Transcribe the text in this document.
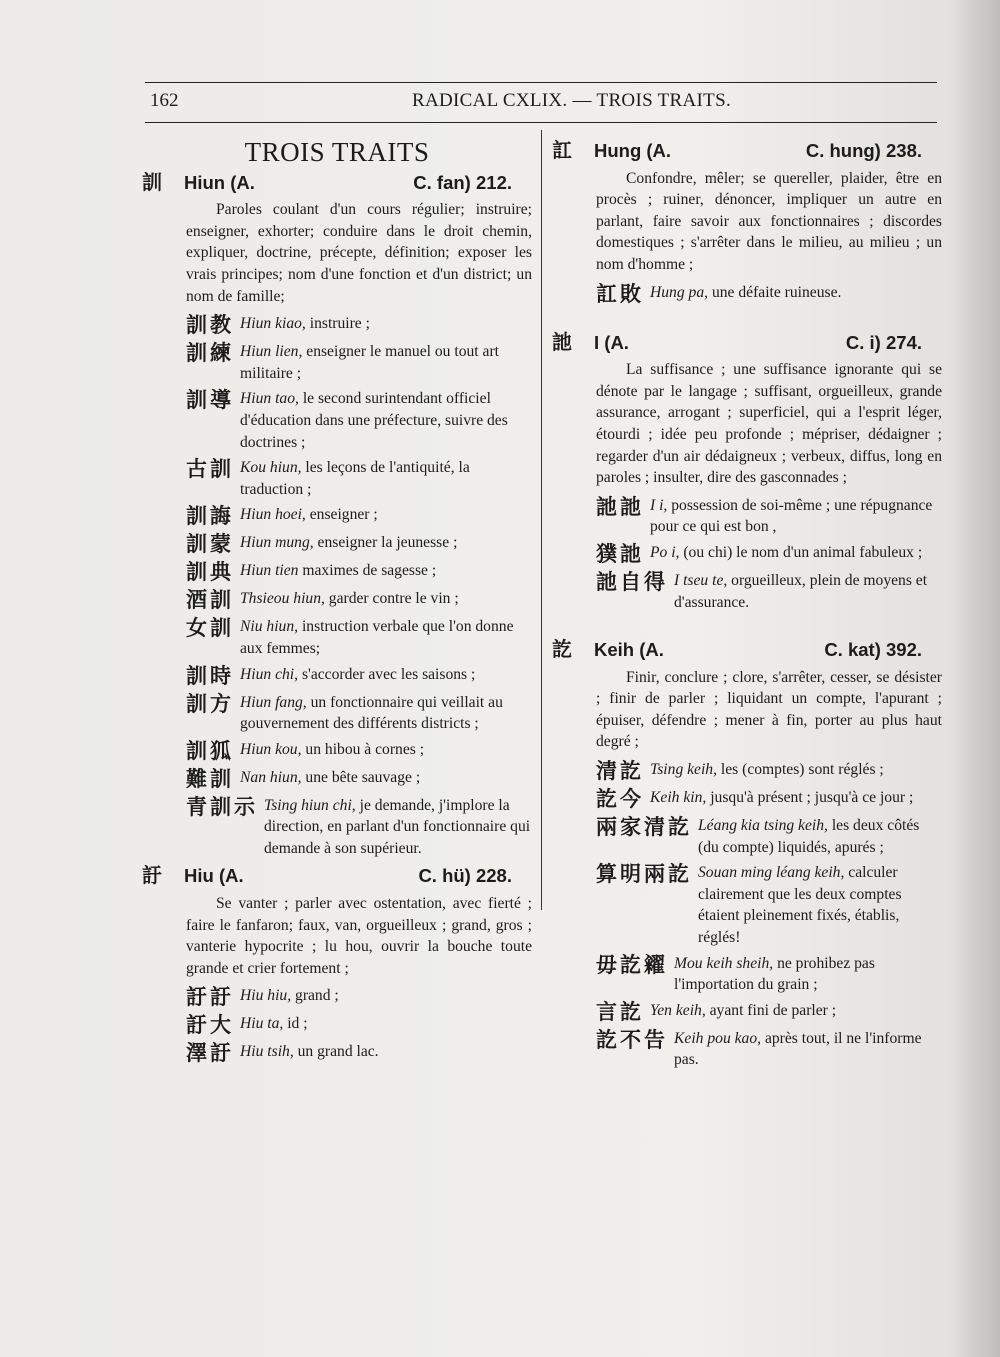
162	RADICAL CXLIX. — TROIS TRAITS.
TROIS TRAITS
訓	Hiun (A.	C. fan) 212.
Paroles coulant d'un cours régulier; instruire; enseigner, exhorter; conduire dans le droit chemin, expliquer, doctrine, précepte, définition; exposer les vrais principes; nom d'une fonction et d'un district; un nom de famille;
訓教 Hiun kiao, instruire ;
訓練 Hiun lien, enseigner le manuel ou tout art militaire ;
訓導 Hiun tao, le second surintendant officiel d'éducation dans une préfecture, suivre des doctrines ;
古訓 Kou hiun, les leçons de l'antiquité, la traduction ;
訓誨 Hiun hoei, enseigner ;
訓蒙 Hiun mung, enseigner la jeunesse ;
訓典 Hiun tien maximes de sagesse ;
酒訓 Thsieou hiun, garder contre le vin ;
女訓 Niu hiun, instruction verbale que l'on donne aux femmes;
訓時 Hiun chi, s'accorder avec les saisons ;
訓方 Hiun fang, un fonctionnaire qui veillait au gouvernement des différents districts ;
訓狐 Hiun kou, un hibou à cornes ;
難訓 Nan hiun, une bête sauvage ;
青訓示 Tsing hiun chi, je demande, j'implore la direction, en parlant d'un fonctionnaire qui demande à son supérieur.
訏	Hiu (A.	C. hü) 228.
Se vanter ; parler avec ostentation, avec fierté ; faire le fanfaron; faux, van, orgueilleux ; grand, gros ; vanterie hypocrite ; lu hou, ouvrir la bouche toute grande et crier fortement ;
訏訏 Hiu hiu, grand ;
訏大 Hiu ta, id ;
澤訏 Hiu tsih, un grand lac.
訌	Hung (A.	C. hung) 238.
Confondre, mêler; se quereller, plaider, être en procès ; ruiner, dénoncer, impliquer un autre en parlant, faire savoir aux fonctionnaires ; discordes domestiques ; s'arrêter dans le milieu, au milieu ; un nom d'homme ;
訌敗 Hung pa, une défaite ruineuse.
訑	I (A.	C. i) 274.
La suffisance ; une suffisance ignorante qui se dénote par le langage ; suffisant, orgueilleux, grande assurance, arrogant ; superficiel, qui a l'esprit léger, étourdi ; idée peu profonde ; mépriser, dédaigner ; regarder d'un air dédaigneux ; verbeux, diffus, long en paroles ; insulter, dire des gasconnades ;
訑訑 I i, possession de soi-même ; une répugnance pour ce qui est bon ,
獛訑 Po i, (ou chi) le nom d'un animal fabuleux ;
訑自得 I tseu te, orgueilleux, plein de moyens et d'assurance.
訖	Keih (A.	C. kat) 392.
Finir, conclure ; clore, s'arrêter, cesser, se désister ; finir de parler ; liquidant un compte, l'apurant ; épuiser, défendre ; mener à fin, porter au plus haut degré ;
清訖 Tsing keih, les (comptes) sont réglés ;
訖今 Keih kin, jusqu'à présent ; jusqu'à ce jour ;
兩家清訖 Léang kia tsing keih, les deux côtés (du compte) liquidés, apurés ;
算明兩訖 Souan ming léang keih, calculer clairement que les deux comptes étaient pleinement fixés, établis, réglés!
毋訖糴 Mou keih sheih, ne prohibez pas l'importation du grain ;
言訖 Yen keih, ayant fini de parler ;
訖不告 Keih pou kao, après tout, il ne l'informe pas.
